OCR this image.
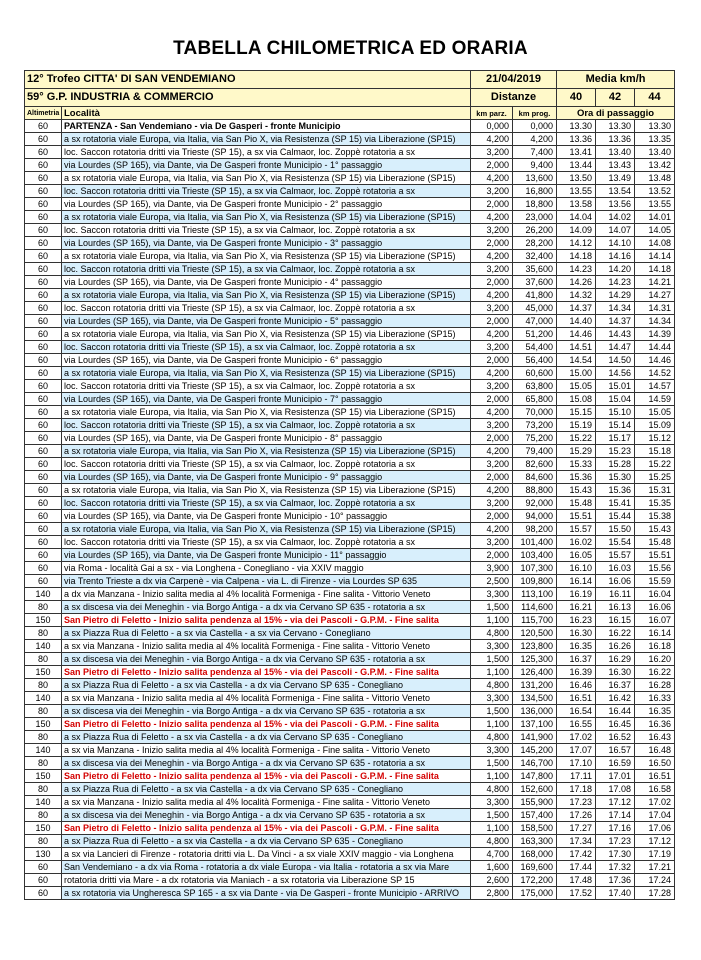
TABELLA CHILOMETRICA ED ORARIA
12° Trofeo CITTA' DI SAN VENDEMIANO		21/04/2019		Media km/h		
59° G.P. INDUSTRIA & COMMERCIO		Distanze		40	42	44
Altimetria	Località	km parz.	km prog.	Ora di passaggio		
60	PARTENZA - San Vendemiano - via De Gasperi - fronte Municipio	0,000	0,000	13.30	13.30	13.30
60	a sx rotatoria viale Europa, via Italia, via San Pio X, via Resistenza (SP 15) via Liberazione (SP15)	4,200	4,200	13.36	13.36	13.35
60	loc. Saccon rotatoria dritti via Trieste (SP 15), a sx via Calmaor, loc. Zoppè rotatoria a sx	3,200	7,400	13.41	13.40	13.40
60	via Lourdes (SP 165), via Dante, via De Gasperi fronte Municipio - 1° passaggio	2,000	9,400	13.44	13.43	13.42
60	a sx rotatoria viale Europa, via Italia, via San Pio X, via Resistenza (SP 15) via Liberazione (SP15)	4,200	13,600	13.50	13.49	13.48
60	loc. Saccon rotatoria dritti via Trieste (SP 15), a sx via Calmaor, loc. Zoppè rotatoria a sx	3,200	16,800	13.55	13.54	13.52
60	via Lourdes (SP 165), via Dante, via De Gasperi fronte Municipio - 2° passaggio	2,000	18,800	13.58	13.56	13.55
60	a sx rotatoria viale Europa, via Italia, via San Pio X, via Resistenza (SP 15) via Liberazione (SP15)	4,200	23,000	14.04	14.02	14.01
60	loc. Saccon rotatoria dritti via Trieste (SP 15), a sx via Calmaor, loc. Zoppè rotatoria a sx	3,200	26,200	14.09	14.07	14.05
60	via Lourdes (SP 165), via Dante, via De Gasperi fronte Municipio - 3° passaggio	2,000	28,200	14.12	14.10	14.08
60	a sx rotatoria viale Europa, via Italia, via San Pio X, via Resistenza (SP 15) via Liberazione (SP15)	4,200	32,400	14.18	14.16	14.14
60	loc. Saccon rotatoria dritti via Trieste (SP 15), a sx via Calmaor, loc. Zoppè rotatoria a sx	3,200	35,600	14.23	14.20	14.18
60	via Lourdes (SP 165), via Dante, via De Gasperi fronte Municipio - 4° passaggio	2,000	37,600	14.26	14.23	14.21
60	a sx rotatoria viale Europa, via Italia, via San Pio X, via Resistenza (SP 15) via Liberazione (SP15)	4,200	41,800	14.32	14.29	14.27
60	loc. Saccon rotatoria dritti via Trieste (SP 15), a sx via Calmaor, loc. Zoppè rotatoria a sx	3,200	45,000	14.37	14.34	14.31
60	via Lourdes (SP 165), via Dante, via De Gasperi fronte Municipio - 5° passaggio	2,000	47,000	14.40	14.37	14.34
60	a sx rotatoria viale Europa, via Italia, via San Pio X, via Resistenza (SP 15) via Liberazione (SP15)	4,200	51,200	14.46	14.43	14.39
60	loc. Saccon rotatoria dritti via Trieste (SP 15), a sx via Calmaor, loc. Zoppè rotatoria a sx	3,200	54,400	14.51	14.47	14.44
60	via Lourdes (SP 165), via Dante, via De Gasperi fronte Municipio - 6° passaggio	2,000	56,400	14.54	14.50	14.46
60	a sx rotatoria viale Europa, via Italia, via San Pio X, via Resistenza (SP 15) via Liberazione (SP15)	4,200	60,600	15.00	14.56	14.52
60	loc. Saccon rotatoria dritti via Trieste (SP 15), a sx via Calmaor, loc. Zoppè rotatoria a sx	3,200	63,800	15.05	15.01	14.57
60	via Lourdes (SP 165), via Dante, via De Gasperi fronte Municipio - 7° passaggio	2,000	65,800	15.08	15.04	14.59
60	a sx rotatoria viale Europa, via Italia, via San Pio X, via Resistenza (SP 15) via Liberazione (SP15)	4,200	70,000	15.15	15.10	15.05
60	loc. Saccon rotatoria dritti via Trieste (SP 15), a sx via Calmaor, loc. Zoppè rotatoria a sx	3,200	73,200	15.19	15.14	15.09
60	via Lourdes (SP 165), via Dante, via De Gasperi fronte Municipio - 8° passaggio	2,000	75,200	15.22	15.17	15.12
60	a sx rotatoria viale Europa, via Italia, via San Pio X, via Resistenza (SP 15) via Liberazione (SP15)	4,200	79,400	15.29	15.23	15.18
60	loc. Saccon rotatoria dritti via Trieste (SP 15), a sx via Calmaor, loc. Zoppè rotatoria a sx	3,200	82,600	15.33	15.28	15.22
60	via Lourdes (SP 165), via Dante, via De Gasperi fronte Municipio - 9° passaggio	2,000	84,600	15.36	15.30	15.25
60	a sx rotatoria viale Europa, via Italia, via San Pio X, via Resistenza (SP 15) via Liberazione (SP15)	4,200	88,800	15.43	15.36	15.31
60	loc. Saccon rotatoria dritti via Trieste (SP 15), a sx via Calmaor, loc. Zoppè rotatoria a sx	3,200	92,000	15.48	15.41	15.35
60	via Lourdes (SP 165), via Dante, via De Gasperi fronte Municipio - 10° passaggio	2,000	94,000	15.51	15.44	15.38
60	a sx rotatoria viale Europa, via Italia, via San Pio X, via Resistenza (SP 15) via Liberazione (SP15)	4,200	98,200	15.57	15.50	15.43
60	loc. Saccon rotatoria dritti via Trieste (SP 15), a sx via Calmaor, loc. Zoppè rotatoria a sx	3,200	101,400	16.02	15.54	15.48
60	via Lourdes (SP 165), via Dante, via De Gasperi fronte Municipio - 11° passaggio	2,000	103,400	16.05	15.57	15.51
60	via Roma - località Gai a sx - via Longhena - Conegliano - via XXIV maggio	3,900	107,300	16.10	16.03	15.56
60	via Trento Trieste a dx via Carpenè - via Calpena - via L. di Firenze - via Lourdes SP 635	2,500	109,800	16.14	16.06	15.59
140	a dx via Manzana - Inizio salita media al 4% località Formeniga - Fine salita - Vittorio Veneto	3,300	113,100	16.19	16.11	16.04
80	a sx discesa via dei Meneghin - via Borgo Antiga - a dx via Cervano SP 635 - rotatoria a sx	1,500	114,600	16.21	16.13	16.06
150	San Pietro di Feletto - Inizio salita pendenza al 15% - via dei Pascoli - G.P.M. - Fine salita	1,100	115,700	16.23	16.15	16.07
80	a sx Piazza Rua di Feletto - a sx via Castella - a sx via Cervano - Conegliano	4,800	120,500	16.30	16.22	16.14
140	a sx via Manzana - Inizio salita media al 4% località Formeniga - Fine salita - Vittorio Veneto	3,300	123,800	16.35	16.26	16.18
80	a sx discesa via dei Meneghin - via Borgo Antiga - a dx via Cervano SP 635 - rotatoria a sx	1,500	125,300	16.37	16.29	16.20
150	San Pietro di Feletto - Inizio salita pendenza al 15% - via dei Pascoli - G.P.M. - Fine salita	1,100	126,400	16.39	16.30	16.22
80	a sx Piazza Rua di Feletto - a sx via Castella - a dx via Cervano SP 635 - Conegliano	4,800	131,200	16.46	16.37	16.28
140	a sx via Manzana - Inizio salita media al 4% località Formeniga - Fine salita - Vittorio Veneto	3,300	134,500	16.51	16.42	16.33
80	a sx discesa via dei Meneghin - via Borgo Antiga - a dx via Cervano SP 635 - rotatoria a sx	1,500	136,000	16.54	16.44	16.35
150	San Pietro di Feletto - Inizio salita pendenza al 15% - via dei Pascoli - G.P.M. - Fine salita	1,100	137,100	16.55	16.45	16.36
80	a sx Piazza Rua di Feletto - a sx via Castella - a dx via Cervano SP 635 - Conegliano	4,800	141,900	17.02	16.52	16.43
140	a sx via Manzana - Inizio salita media al 4% località Formeniga - Fine salita - Vittorio Veneto	3,300	145,200	17.07	16.57	16.48
80	a sx discesa via dei Meneghin - via Borgo Antiga - a dx via Cervano SP 635 - rotatoria a sx	1,500	146,700	17.10	16.59	16.50
150	San Pietro di Feletto - Inizio salita pendenza al 15% - via dei Pascoli - G.P.M. - Fine salita	1,100	147,800	17.11	17.01	16.51
80	a sx Piazza Rua di Feletto - a sx via Castella - a dx via Cervano SP 635 - Conegliano	4,800	152,600	17.18	17.08	16.58
140	a sx via Manzana - Inizio salita media al 4% località Formeniga - Fine salita - Vittorio Veneto	3,300	155,900	17.23	17.12	17.02
80	a sx discesa via dei Meneghin - via Borgo Antiga - a dx via Cervano SP 635 - rotatoria a sx	1,500	157,400	17.26	17.14	17.04
150	San Pietro di Feletto - Inizio salita pendenza al 15% - via dei Pascoli - G.P.M. - Fine salita	1,100	158,500	17.27	17.16	17.06
80	a sx Piazza Rua di Feletto - a sx via Castella - a dx via Cervano SP 635 - Conegliano	4,800	163,300	17.34	17.23	17.12
130	a sx via Lancieri di Firenze - rotatoria dritti via L. Da Vinci - a sx viale XXIV maggio - via Longhena	4,700	168,000	17.42	17.30	17.19
60	San Vendemiano - a dx via Roma - rotatoria a dx viale Europa - via Italia - rotatoria a sx via Mare	1,600	169,600	17.44	17.32	17.21
60	rotatoria dritti via Mare - a dx rotatoria via Maniach - a sx rotatoria via Liberazione SP 15	2,600	172,200	17.48	17.36	17.24
60	a sx rotatoria via Ungheresca SP 165 - a sx via Dante - via De Gasperi - fronte Municipio - ARRIVO	2,800	175,000	17.52	17.40	17.28
